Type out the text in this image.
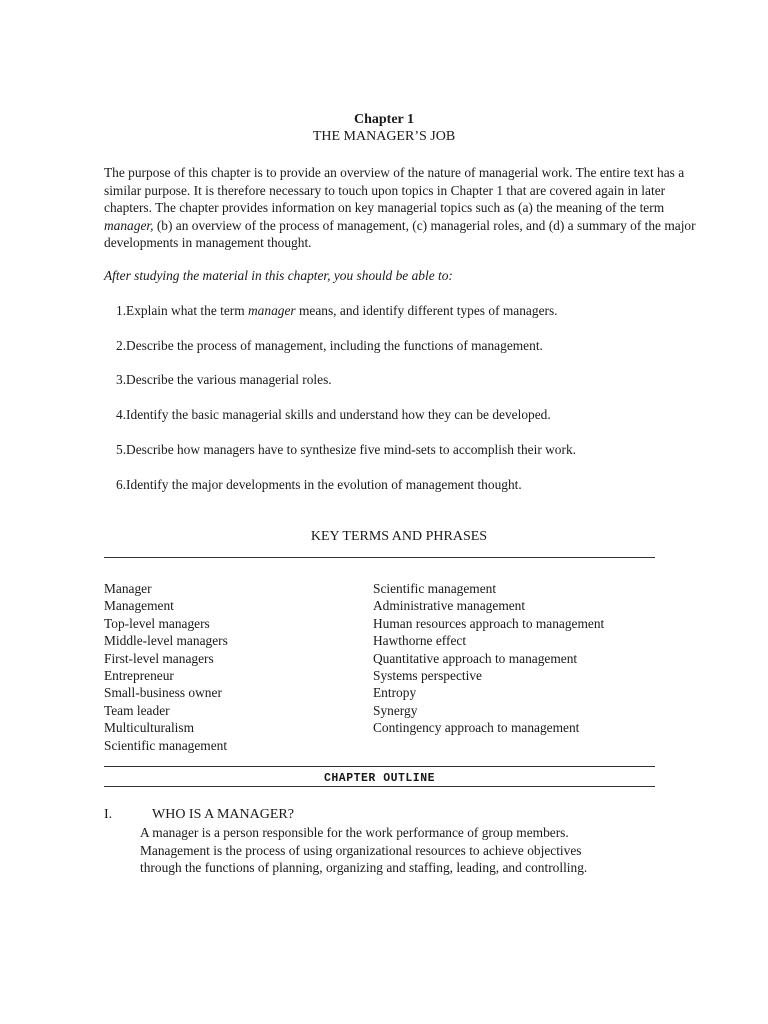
Chapter 1
THE MANAGER’S JOB

The purpose of this chapter is to provide an overview of the nature of managerial work. The entire text has a similar purpose. It is therefore necessary to touch upon topics in Chapter 1 that are covered again in later chapters. The chapter provides information on key managerial topics such as (a) the meaning of the term manager, (b) an overview of the process of management, (c) managerial roles, and (d) a summary of the major developments in management thought.

After studying the material in this chapter, you should be able to:

1.Explain what the term manager means, and identify different types of managers.
2.Describe the process of management, including the functions of management.
3.Describe the various managerial roles.
4.Identify the basic managerial skills and understand how they can be developed.
5.Describe how managers have to synthesize five mind-sets to accomplish their work.
6.Identify the major developments in the evolution of management thought.
KEY TERMS AND PHRASES
Manager
Management
Top-level managers
Middle-level managers
First-level managers
Entrepreneur
Small-business owner
Team leader
Multiculturalism
Scientific management
Scientific management
Administrative management
Human resources approach to management
Hawthorne effect
Quantitative approach to management
Systems perspective
Entropy
Synergy
Contingency approach to management
CHAPTER OUTLINE
I.	WHO IS A MANAGER?

A manager is a person responsible for the work performance of group members.
Management is the process of using organizational resources to achieve objectives
through the functions of planning, organizing and staffing, leading, and controlling.
